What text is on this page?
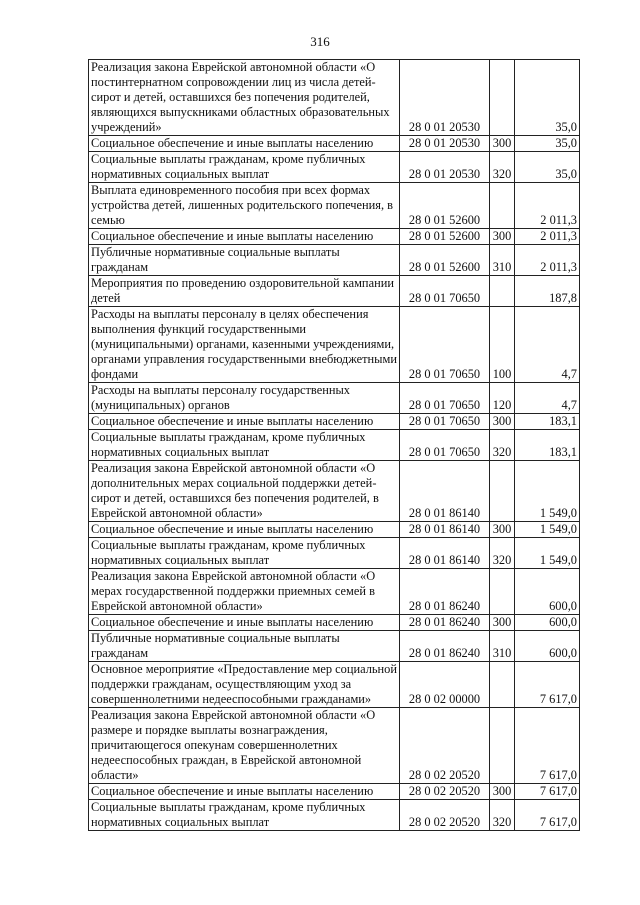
316
Реализация закона Еврейской автономной области «О постинтернатном сопровождении лиц из числа детей-сирот и детей, оставшихся без попечения родителей, являющихся выпускниками областных образовательных учреждений»	28 0 01 20530		35,0
Социальное обеспечение и иные выплаты населению	28 0 01 20530	300	35,0
Социальные выплаты гражданам, кроме публичных нормативных социальных выплат	28 0 01 20530	320	35,0
Выплата единовременного пособия при всех формах устройства детей, лишенных родительского попечения, в семью	28 0 01 52600		2 011,3
Социальное обеспечение и иные выплаты населению	28 0 01 52600	300	2 011,3
Публичные нормативные социальные выплаты гражданам	28 0 01 52600	310	2 011,3
Мероприятия по проведению оздоровительной кампании детей	28 0 01 70650		187,8
Расходы на выплаты персоналу в целях обеспечения выполнения функций государственными (муниципальными) органами, казенными учреждениями, органами управления государственными внебюджетными фондами	28 0 01 70650	100	4,7
Расходы на выплаты персоналу государственных (муниципальных) органов	28 0 01 70650	120	4,7
Социальное обеспечение и иные выплаты населению	28 0 01 70650	300	183,1
Социальные выплаты гражданам, кроме публичных нормативных социальных выплат	28 0 01 70650	320	183,1
Реализация закона Еврейской автономной области «О дополнительных мерах социальной поддержки детей-сирот и детей, оставшихся без попечения родителей, в Еврейской автономной области»	28 0 01 86140		1 549,0
Социальное обеспечение и иные выплаты населению	28 0 01 86140	300	1 549,0
Социальные выплаты гражданам, кроме публичных нормативных социальных выплат	28 0 01 86140	320	1 549,0
Реализация закона Еврейской автономной области «О мерах государственной поддержки приемных семей в Еврейской автономной области»	28 0 01 86240		600,0
Социальное обеспечение и иные выплаты населению	28 0 01 86240	300	600,0
Публичные нормативные социальные выплаты гражданам	28 0 01 86240	310	600,0
Основное мероприятие «Предоставление мер социальной поддержки гражданам, осуществляющим уход за совершеннолетними недееспособными гражданами»	28 0 02 00000		7 617,0
Реализация закона Еврейской автономной области «О размере и порядке выплаты вознаграждения, причитающегося опекунам совершеннолетних недееспособных граждан, в Еврейской автономной области»	28 0 02 20520		7 617,0
Социальное обеспечение и иные выплаты населению	28 0 02 20520	300	7 617,0
Социальные выплаты гражданам, кроме публичных нормативных социальных выплат	28 0 02 20520	320	7 617,0
